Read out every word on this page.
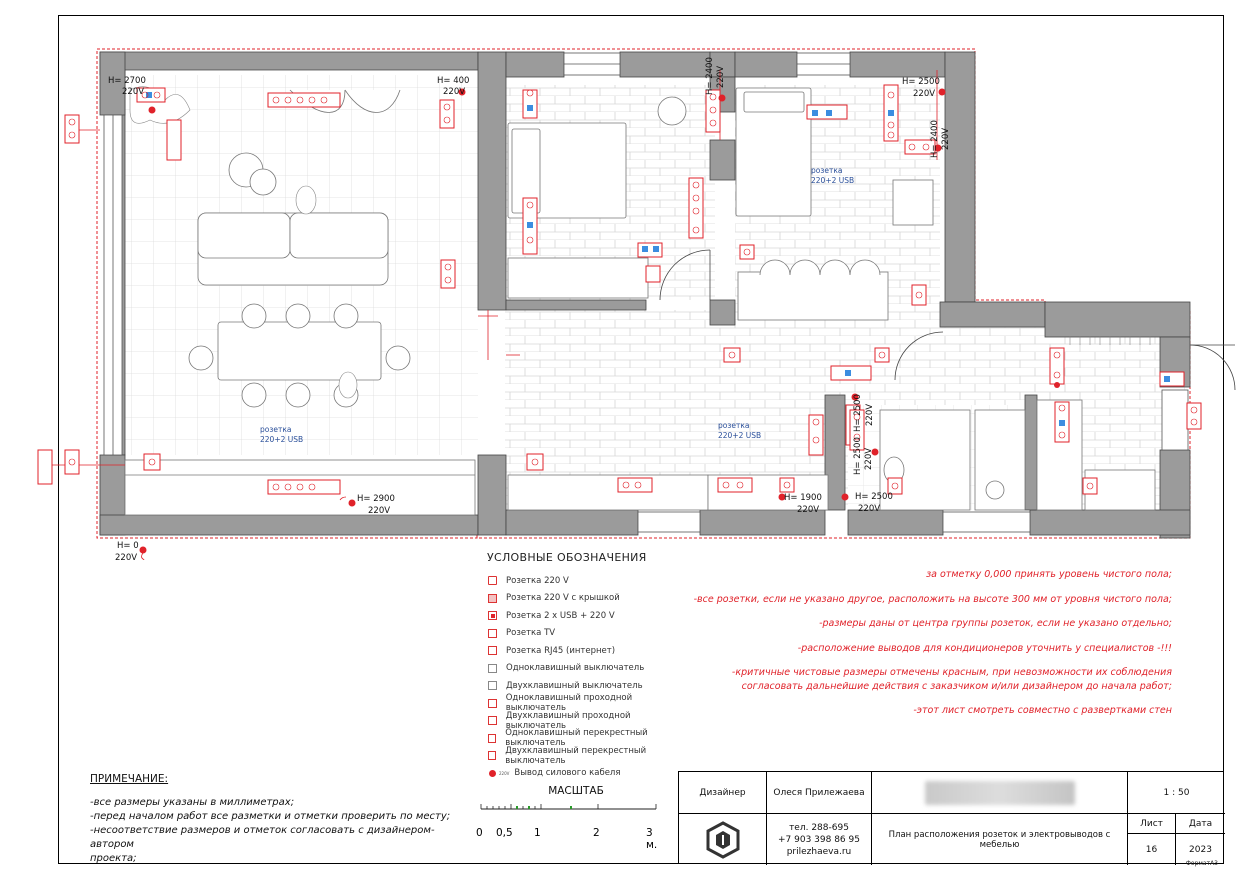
H= 2700
220V
H= 400
220V
H= 2900
220V
H= 0
220V
H= 1900
220V
H= 2500
220V
H= 2500
220V
H= 2400 220V
H= 2400 220V
H= 2500 220V
H= 2500 220V
розетка
220+2 USB
розетка
220+2 USB
розетка
220+2 USB
УСЛОВНЫЕ ОБОЗНАЧЕНИЯ
Розетка 220 V
Розетка 220 V с крышкой
Розетка 2 x USB + 220 V
Розетка TV
Розетка RJ45 (интернет)
Одноклавишный выключатель
Двухклавишный выключатель
Одноклавишный проходной выключатель
Двухклавишный проходной выключатель
Одноклавишный перекрестный выключатель
Двухклавишный перекрестный выключатель
220V Вывод силового кабеля

за отметку 0,000 принять уровень чистого пола;

-все розетки, если не указано другое, расположить на высоте 300 мм от уровня чистого пола;

-размеры даны от центра группы розеток, если не указано отдельно;

-расположение выводов для кондиционеров уточнить у специалистов -!!!

-критичные чистовые размеры отмечены красным, при невозможности их соблюдения

согласовать дальнейшие действия с заказчиком и/или дизайнером до начала работ;

-этот лист смотреть совместно с развертками стен

ПРИМЕЧАНИЕ:
-все размеры указаны в миллиметрах;
-перед началом работ все разметки и отметки проверить по месту;
-несоответствие размеров и отметок согласовать с дизайнером-автором
проекта;
МАСШТАБ
0 0,5 1	2	3 м.
Дизайнер	Олеся Прилежаева
тел. 288-695
+7 903 398 86 95
prilezhaeva.ru
План расположения розеток и электровыводов с мебелью
1 : 50
Лист	Дата
16	2023
ФорматA3
